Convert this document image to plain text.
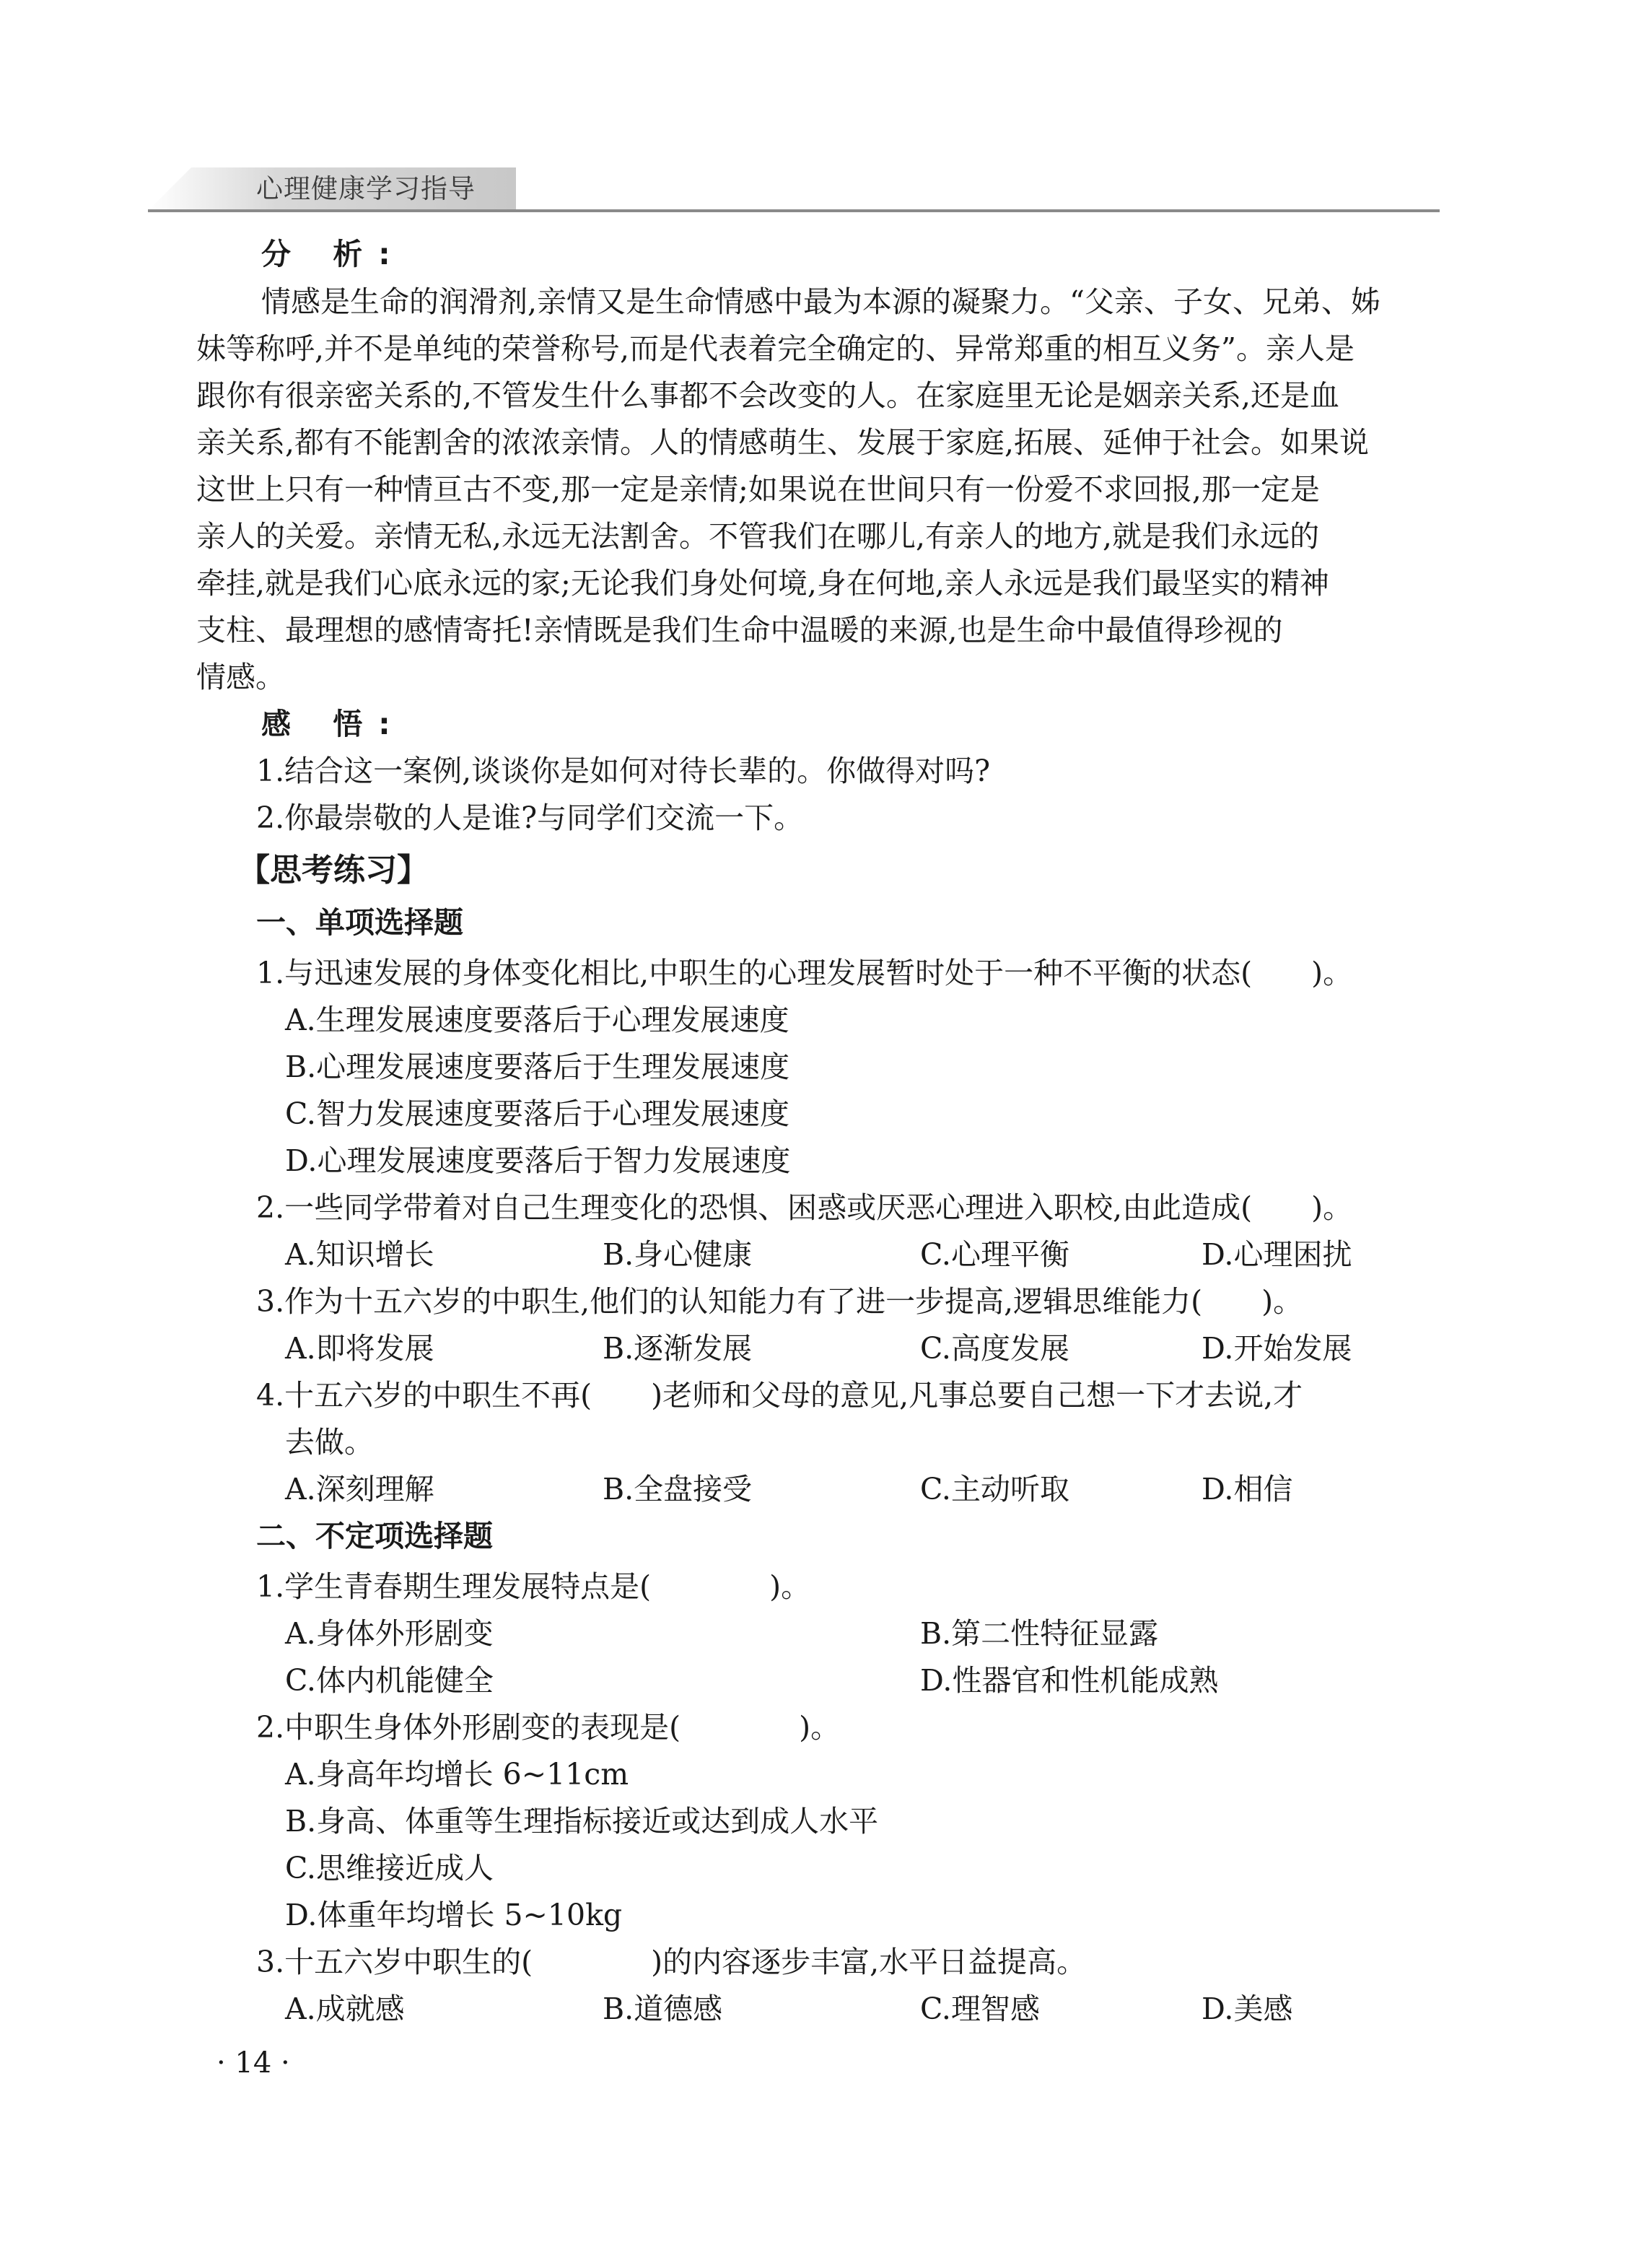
心理健康学习指导
分 析:
情感是生命的润滑剂,亲情又是生命情感中最为本源的凝聚力。“父亲、子女、兄弟、姊
妹等称呼,并不是单纯的荣誉称号,而是代表着完全确定的、异常郑重的相互义务”。亲人是
跟你有很亲密关系的,不管发生什么事都不会改变的人。在家庭里无论是姻亲关系,还是血
亲关系,都有不能割舍的浓浓亲情。人的情感萌生、发展于家庭,拓展、延伸于社会。如果说
这世上只有一种情亘古不变,那一定是亲情;如果说在世间只有一份爱不求回报,那一定是
亲人的关爱。亲情无私,永远无法割舍。不管我们在哪儿,有亲人的地方,就是我们永远的
牵挂,就是我们心底永远的家;无论我们身处何境,身在何地,亲人永远是我们最坚实的精神
支柱、最理想的感情寄托!亲情既是我们生命中温暖的来源,也是生命中最值得珍视的
情感。
感 悟:
1.结合这一案例,谈谈你是如何对待长辈的。你做得对吗?
2.你最崇敬的人是谁?与同学们交流一下。
【思考练习】
一、单项选择题
1.与迅速发展的身体变化相比,中职生的心理发展暂时处于一种不平衡的状态(　　)。
A.生理发展速度要落后于心理发展速度
B.心理发展速度要落后于生理发展速度
C.智力发展速度要落后于心理发展速度
D.心理发展速度要落后于智力发展速度
2.一些同学带着对自己生理变化的恐惧、困惑或厌恶心理进入职校,由此造成(　　)。
A.知识增长	B.身心健康	C.心理平衡	D.心理困扰
3.作为十五六岁的中职生,他们的认知能力有了进一步提高,逻辑思维能力(　　)。
A.即将发展	B.逐渐发展	C.高度发展	D.开始发展
4.十五六岁的中职生不再(　　)老师和父母的意见,凡事总要自己想一下才去说,才
去做。
A.深刻理解	B.全盘接受	C.主动听取	D.相信
二、不定项选择题
1.学生青春期生理发展特点是(　　　　)。
A.身体外形剧变	B.第二性特征显露
C.体内机能健全	D.性器官和性机能成熟
2.中职生身体外形剧变的表现是(　　　　)。
A.身高年均增长 6~11cm
B.身高、体重等生理指标接近或达到成人水平
C.思维接近成人
D.体重年均增长 5~10kg
3.十五六岁中职生的(　　　　)的内容逐步丰富,水平日益提高。
A.成就感	B.道德感	C.理智感	D.美感
· 14 ·
